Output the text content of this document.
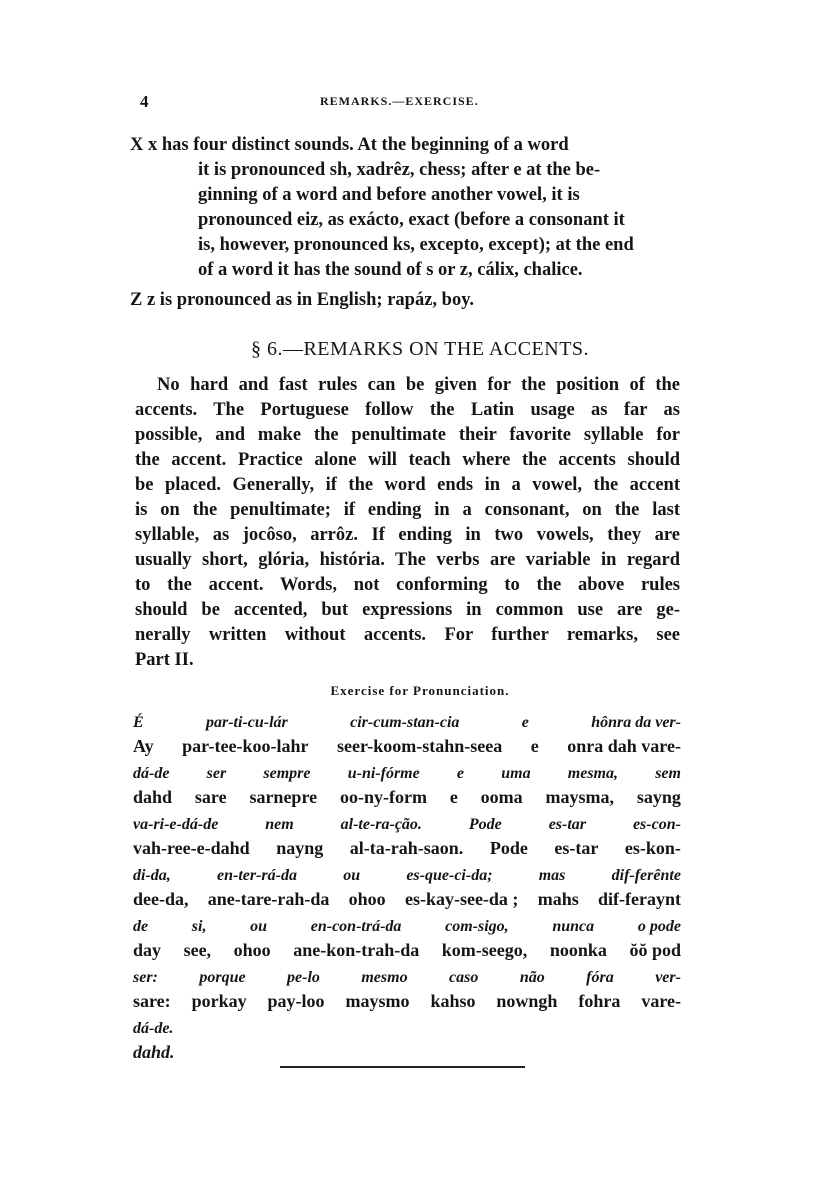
4	REMARKS.—EXERCISE.
X x has four distinct sounds. At the beginning of a word
it is pronounced sh, xadrêz, chess; after e at the be-
ginning of a word and before another vowel, it is
pronounced eiz, as exácto, exact (before a consonant it
is, however, pronounced ks, excepto, except); at the end
of a word it has the sound of s or z, cálix, chalice.
Z z is pronounced as in English; rapáz, boy.
§ 6.—REMARKS ON THE ACCENTS.
No hard and fast rules can be given for the position of the
accents. The Portuguese follow the Latin usage as far as
possible, and make the penultimate their favorite syllable for
the accent. Practice alone will teach where the accents should
be placed. Generally, if the word ends in a vowel, the accent
is on the penultimate; if ending in a consonant, on the last
syllable, as jocôso, arrôz. If ending in two vowels, they are
usually short, glória, história. The verbs are variable in regard
to the accent. Words, not conforming to the above rules
should be accented, but expressions in common use are ge-
nerally written without accents. For further remarks, see
Part II.
Exercise for Pronunciation.
É	par-ti-cu-lár	cir-cum-stan-cia	e	hônra da ver-
Ay par-tee-koo-lahr seer-koom-stahn-seea e onra dah vare-
dá-de ser sempre u-ni-fórme e uma mesma, sem
dahd sare sarnepre oo-ny-form e ooma maysma, sayng
va-ri-e-dá-de	nem	al-te-ra-ção.	Pode	es-tar	es-con-
vah-ree-e-dahd nayng al-ta-rah-saon. Pode es-tar es-kon-
di-da,	en-ter-rá-da	ou	es-que-ci-da;	mas	dif-ferênte
dee-da, ane-tare-rah-da ohoo es-kay-see-da ; mahs dif-feraynt
de	si,	ou	en-con-trá-da	com-sigo,	nunca	o pode
day see, ohoo ane-kon-trah-da kom-seego, noonka ŏŏ pod
ser:	porque	pe-lo	mesmo	caso	não	fóra	ver-
sare: porkay pay-loo maysmo kahso nowngh fohra vare-
dá-de.
dahd.
